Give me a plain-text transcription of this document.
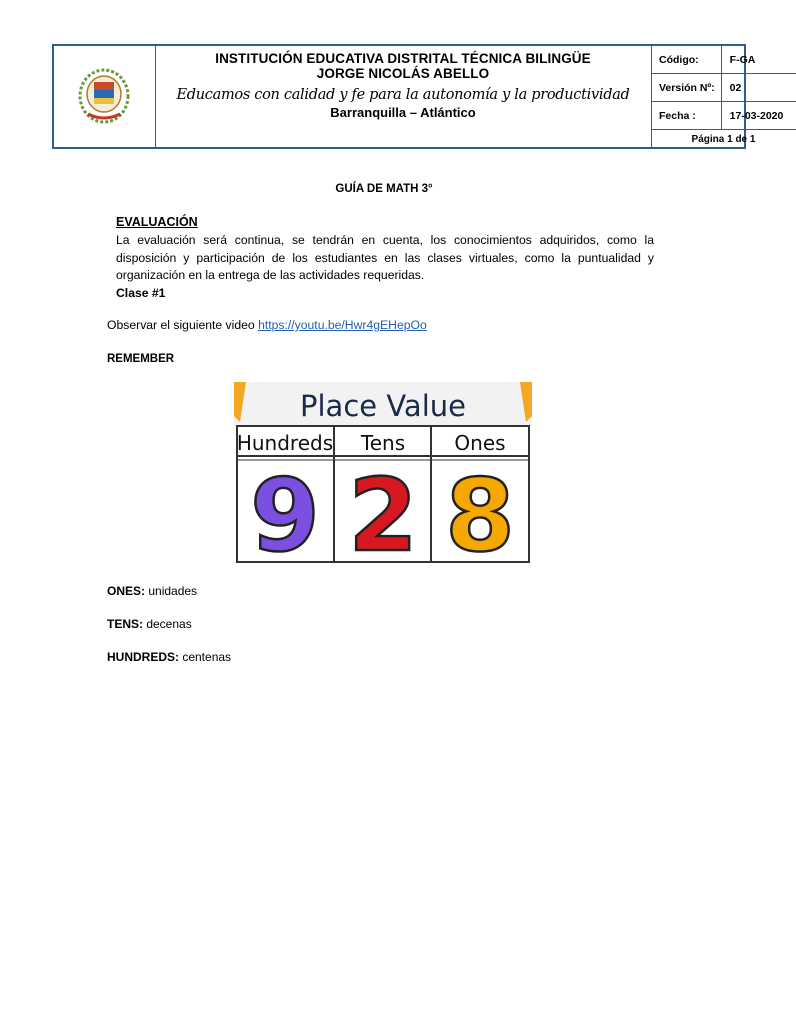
INSTITUCIÓN EDUCATIVA DISTRITAL TÉCNICA BILINGÜE
JORGE NICOLÁS ABELLO
Educamos con calidad y fe para la autonomía y la productividad
Barranquilla – Atlántico
Código:	F-GA
Versión Nº:	02
Fecha :	17-03-2020
Página 1 de 1	
GUÍA DE MATH 3°
EVALUACIÓN
La evaluación será continua, se tendrán en cuenta, los conocimientos adquiridos, como la disposición y participación de los estudiantes en las clases virtuales, como la puntualidad y organización en la entrega de las actividades requeridas.
Clase #1
Observar el siguiente video https://youtu.be/Hwr4gEHepOo
REMEMBER
Place Value
Hundreds Tens Ones
9 2 8
ONES: unidades
TENS: decenas
HUNDREDS: centenas
